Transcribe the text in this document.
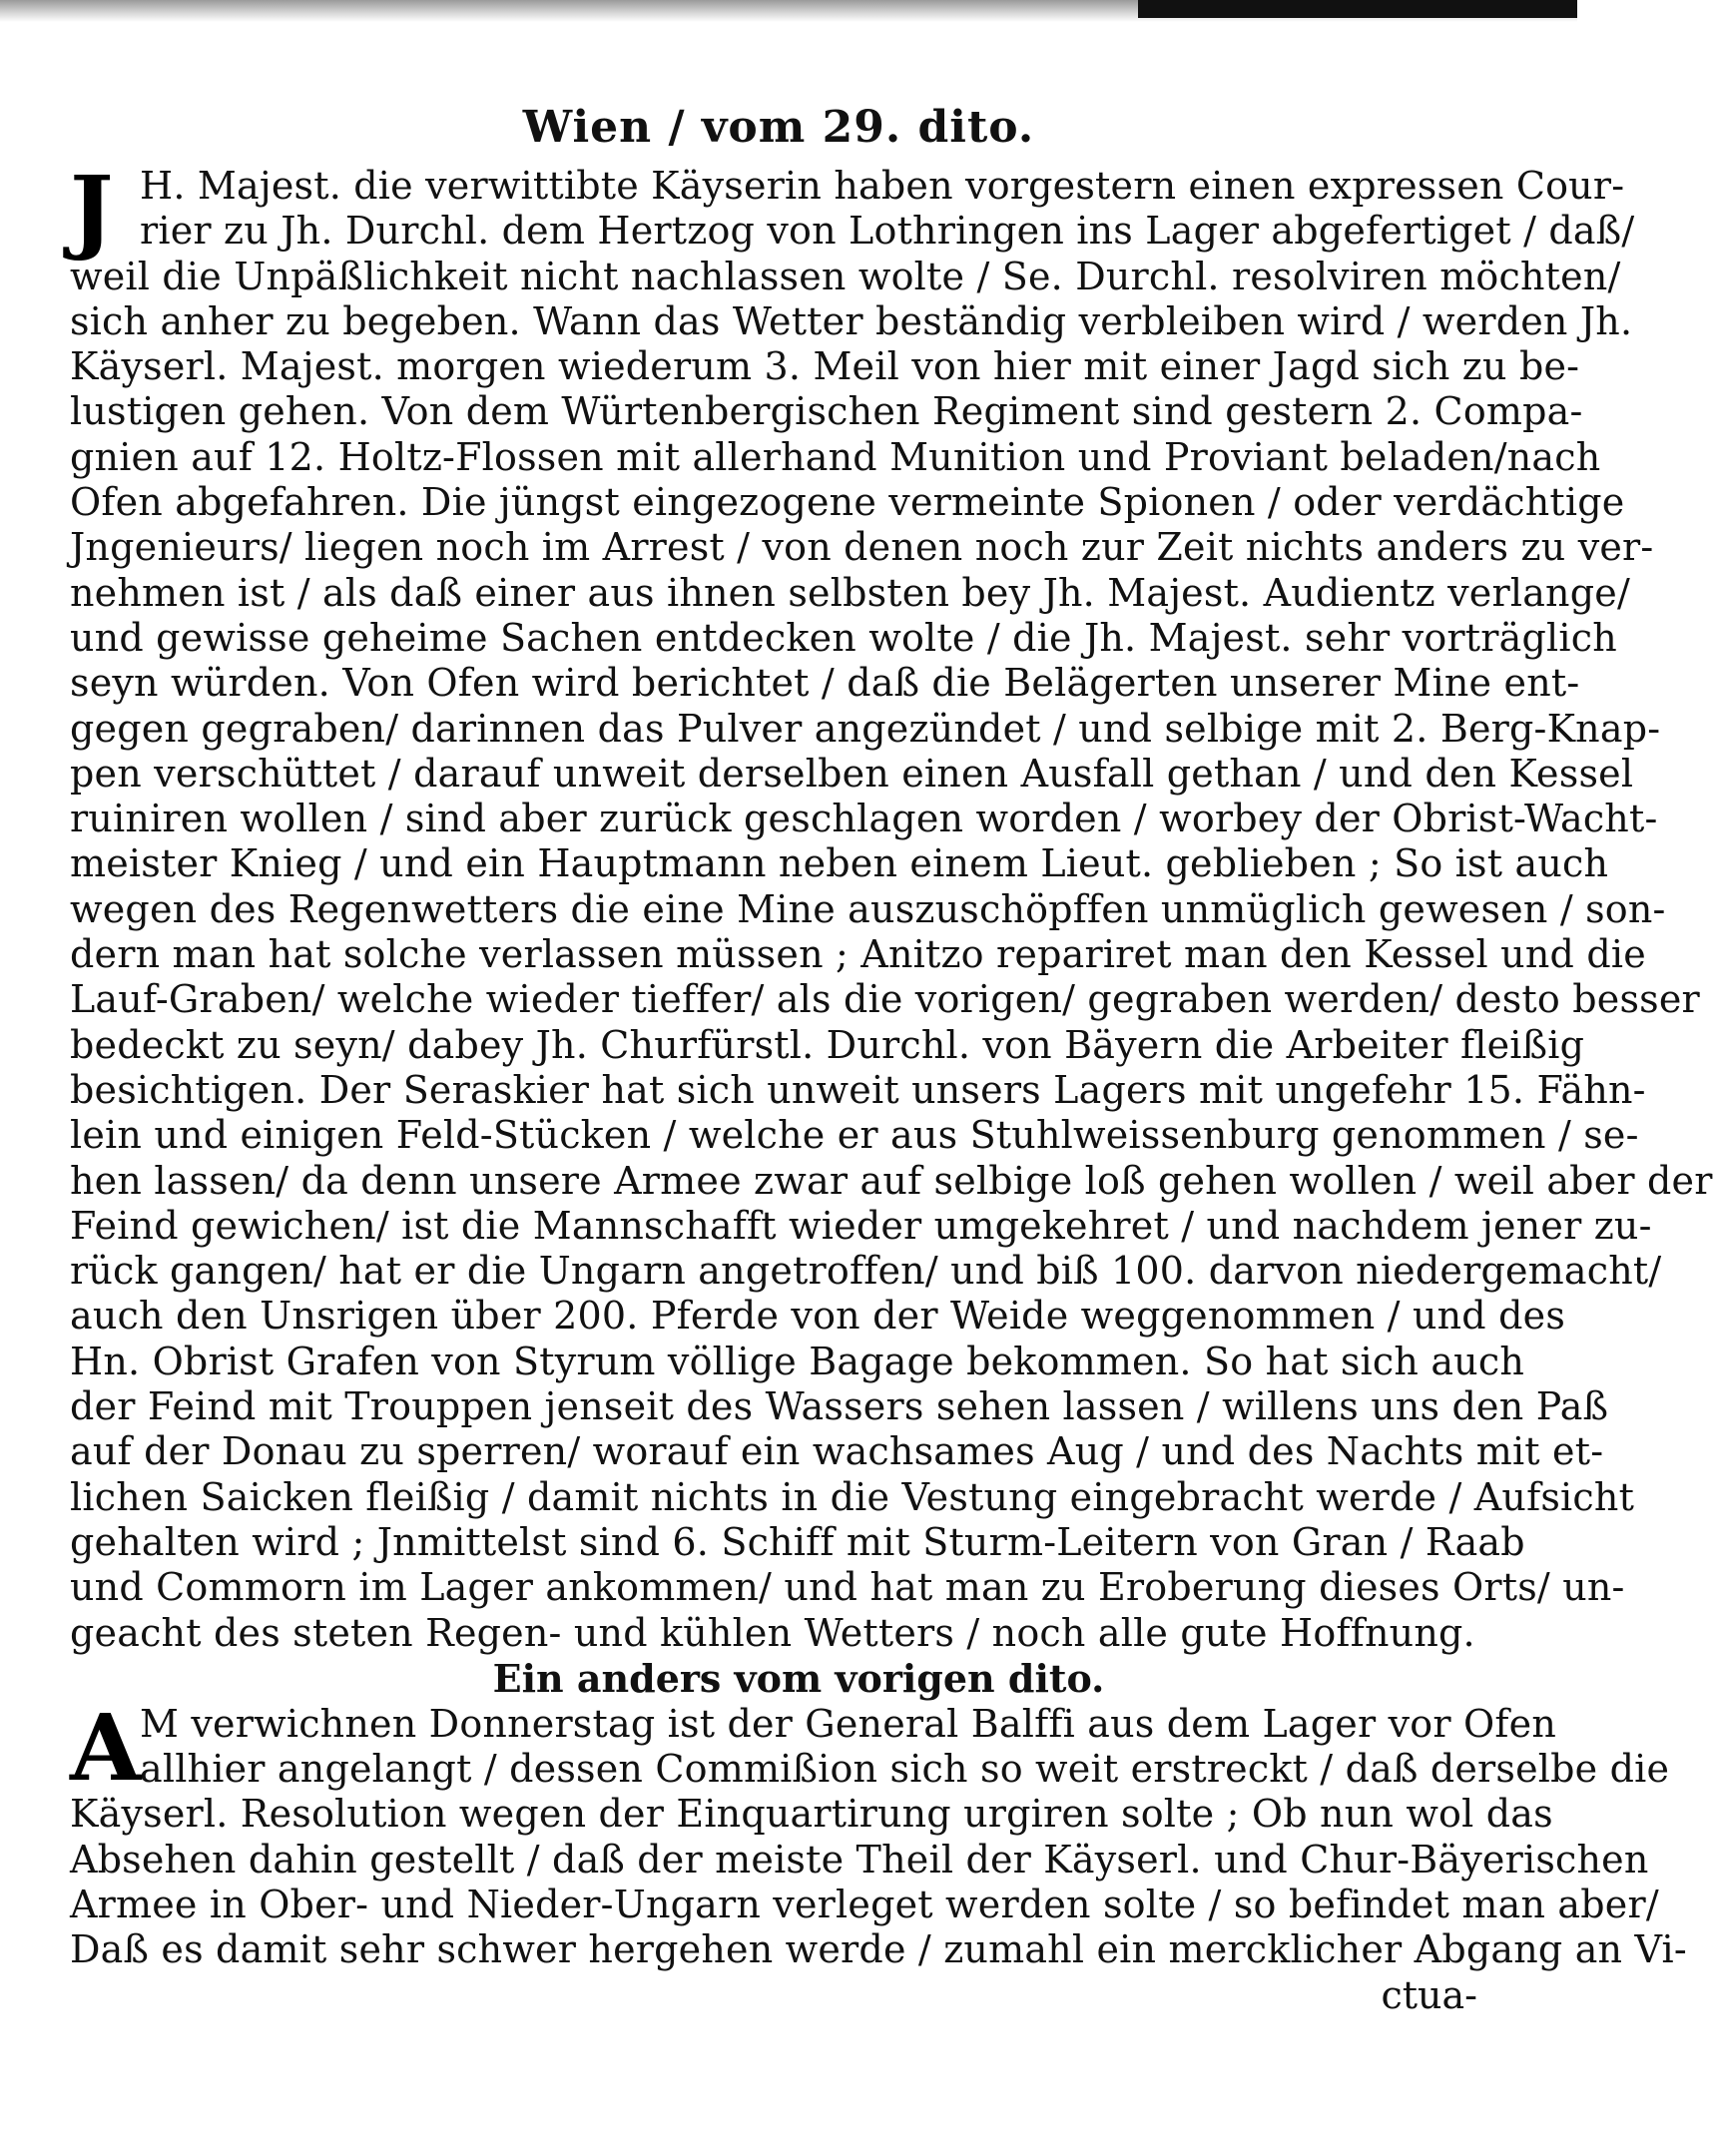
Wien / vom 29. dito.
J H. Majest. die verwittibte Käyserin haben vorgestern einen expressen Cour-
rier zu Jh. Durchl. dem Hertzog von Lothringen ins Lager abgefertiget / daß/
weil die Unpäßlichkeit nicht nachlassen wolte / Se. Durchl. resolviren möchten/
sich anher zu begeben. Wann das Wetter beständig verbleiben wird / werden Jh.
Käyserl. Majest. morgen wiederum 3. Meil von hier mit einer Jagd sich zu be-
lustigen gehen. Von dem Würtenbergischen Regiment sind gestern 2. Compa-
gnien auf 12. Holtz-Flossen mit allerhand Munition und Proviant beladen/nach
Ofen abgefahren. Die jüngst eingezogene vermeinte Spionen / oder verdächtige
Jngenieurs/ liegen noch im Arrest / von denen noch zur Zeit nichts anders zu ver-
nehmen ist / als daß einer aus ihnen selbsten bey Jh. Majest. Audientz verlange/
und gewisse geheime Sachen entdecken wolte / die Jh. Majest. sehr vorträglich
seyn würden. Von Ofen wird berichtet / daß die Belägerten unserer Mine ent-
gegen gegraben/ darinnen das Pulver angezündet / und selbige mit 2. Berg-Knap-
pen verschüttet / darauf unweit derselben einen Ausfall gethan / und den Kessel
ruiniren wollen / sind aber zurück geschlagen worden / worbey der Obrist-Wacht-
meister Knieg / und ein Hauptmann neben einem Lieut. geblieben ; So ist auch
wegen des Regenwetters die eine Mine auszuschöpffen unmüglich gewesen / son-
dern man hat solche verlassen müssen ; Anitzo repariret man den Kessel und die
Lauf-Graben/ welche wieder tieffer/ als die vorigen/ gegraben werden/ desto besser
bedeckt zu seyn/ dabey Jh. Churfürstl. Durchl. von Bäyern die Arbeiter fleißig
besichtigen. Der Seraskier hat sich unweit unsers Lagers mit ungefehr 15. Fähn-
lein und einigen Feld-Stücken / welche er aus Stuhlweissenburg genommen / se-
hen lassen/ da denn unsere Armee zwar auf selbige loß gehen wollen / weil aber der
Feind gewichen/ ist die Mannschafft wieder umgekehret / und nachdem jener zu-
rück gangen/ hat er die Ungarn angetroffen/ und biß 100. darvon niedergemacht/
auch den Unsrigen über 200. Pferde von der Weide weggenommen / und des
Hn. Obrist Grafen von Styrum völlige Bagage bekommen. So hat sich auch
der Feind mit Trouppen jenseit des Wassers sehen lassen / willens uns den Paß
auf der Donau zu sperren/ worauf ein wachsames Aug / und des Nachts mit et-
lichen Saicken fleißig / damit nichts in die Vestung eingebracht werde / Aufsicht
gehalten wird ; Jnmittelst sind 6. Schiff mit Sturm-Leitern von Gran / Raab
und Commorn im Lager ankommen/ und hat man zu Eroberung dieses Orts/ un-
geacht des steten Regen- und kühlen Wetters / noch alle gute Hoffnung.
Ein anders vom vorigen dito.
A
M verwichnen Donnerstag ist der General Balffi aus dem Lager vor Ofen
allhier angelangt / dessen Commißion sich so weit erstreckt / daß derselbe die
Käyserl. Resolution wegen der Einquartirung urgiren solte ; Ob nun wol das
Absehen dahin gestellt / daß der meiste Theil der Käyserl. und Chur-Bäyerischen
Armee in Ober- und Nieder-Ungarn verleget werden solte / so befindet man aber/
Daß es damit sehr schwer hergehen werde / zumahl ein mercklicher Abgang an Vi-
ctua-
